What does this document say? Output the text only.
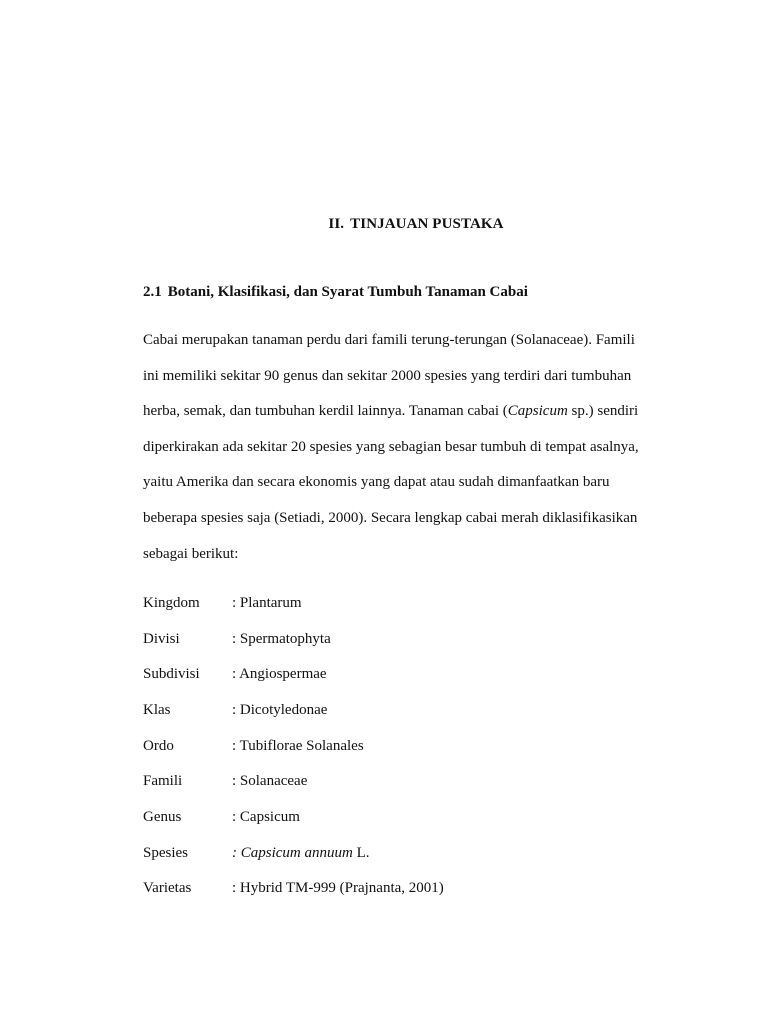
II. TINJAUAN PUSTAKA
2.1 Botani, Klasifikasi, dan Syarat Tumbuh Tanaman Cabai

Cabai merupakan tanaman perdu dari famili terung-terungan (Solanaceae). Famili

ini memiliki sekitar 90 genus dan sekitar 2000 spesies yang terdiri dari tumbuhan

herba, semak, dan tumbuhan kerdil lainnya. Tanaman cabai (Capsicum sp.) sendiri

diperkirakan ada sekitar 20 spesies yang sebagian besar tumbuh di tempat asalnya,

yaitu Amerika dan secara ekonomis yang dapat atau sudah dimanfaatkan baru

beberapa spesies saja (Setiadi, 2000). Secara lengkap cabai merah diklasifikasikan

sebagai berikut:

Kingdom : Plantarum
Divisi	: Spermatophyta
Subdivisi : Angiospermae
Klas	: Dicotyledonae
Ordo	: Tubiflorae Solanales
Famili	: Solanaceae
Genus	: Capsicum
Spesies	: Capsicum annuum L.
Varietas	: Hybrid TM-999 (Prajnanta, 2001)
